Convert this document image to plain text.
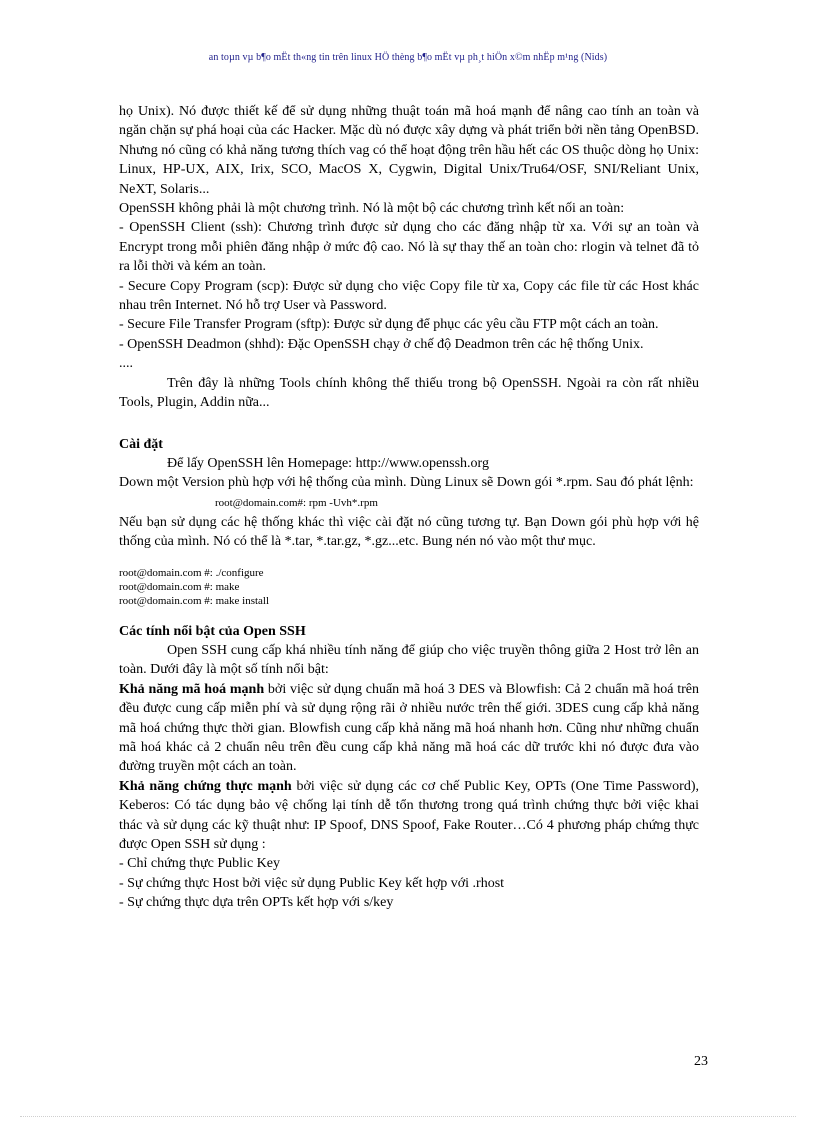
an toµn vµ b¶o mËt th«ng tin trên linux HÖ thèng b¶o mËt vµ ph¸t hiÖn x©m nhËp m¹ng (Nids)

họ Unix). Nó được thiết kế để sử dụng những thuật toán mã hoá mạnh để nâng cao tính an toàn và ngăn chặn sự phá hoại của các Hacker. Mặc dù nó được xây dựng và phát triển bởi nền tảng OpenBSD. Nhưng nó cũng có khả năng tương thích vag có thể hoạt động trên hầu hết các OS thuộc dòng họ Unix: Linux, HP-UX, AIX, Irix, SCO, MacOS X, Cygwin, Digital Unix/Tru64/OSF, SNI/Reliant Unix, NeXT, Solaris...

OpenSSH không phải là một chương trình. Nó là một bộ các chương trình kết nối an toàn:

- OpenSSH Client (ssh): Chương trình được sử dụng cho các đăng nhập từ xa. Với sự an toàn và Encrypt trong mỗi phiên đăng nhập ở mức độ cao. Nó là sự thay thế an toàn cho: rlogin và telnet đã tỏ ra lỗi thời và kém an toàn.

- Secure Copy Program (scp): Được sử dụng cho việc Copy file từ xa, Copy các file từ các Host khác nhau trên Internet. Nó hỗ trợ User và Password.

- Secure File Transfer Program (sftp): Được sử dụng để phục các yêu cầu FTP một cách an toàn.

- OpenSSH Deadmon (shhd): Đặc OpenSSH chạy ở chế độ Deadmon trên các hệ thống Unix.

....

Trên đây là những Tools chính không thể thiếu trong bộ OpenSSH. Ngoài ra còn rất nhiều Tools, Plugin, Addin nữa...

Cài đặt

Để lấy OpenSSH lên Homepage: http://www.openssh.org

Down một Version phù hợp với hệ thống của mình. Dùng Linux sẽ Down gói *.rpm. Sau đó phát lệnh:

root@domain.com#: rpm -Uvh*.rpm

Nếu bạn sử dụng các hệ thống khác thì việc cài đặt nó cũng tương tự. Bạn Down gói phù hợp với hệ thống của mình. Nó có thể là *.tar, *.tar.gz, *.gz...etc. Bung nén nó vào một thư mục.

root@domain.com #: ./configure

root@domain.com #: make

root@domain.com #: make install

Các tính nổi bật của Open SSH

Open SSH cung cấp khá nhiều tính năng để giúp cho việc truyền thông giữa 2 Host trở lên an toàn. Dưới đây là một số tính nổi bật:

Khả năng mã hoá mạnh bởi việc sử dụng chuẩn mã hoá 3 DES và Blowfish: Cả 2 chuẩn mã hoá trên đều được cung cấp miễn phí và sử dụng rộng rãi ở nhiều nước trên thế giới. 3DES cung cấp khả năng mã hoá chứng thực thời gian. Blowfish cung cấp khả năng mã hoá nhanh hơn. Cũng như những chuẩn mã hoá khác cả 2 chuẩn nêu trên đều cung cấp khả năng mã hoá các dữ trước khi nó được đưa vào đường truyền một cách an toàn.

Khả năng chứng thực mạnh bởi việc sử dụng các cơ chế Public Key, OPTs (One Time Password), Keberos: Có tác dụng bảo vệ chống lại tính dễ tổn thương trong quá trình chứng thực bởi việc khai thác và sử dụng các kỹ thuật như: IP Spoof, DNS Spoof, Fake Router…Có 4 phương pháp chứng thực được Open SSH sử dụng :

- Chỉ chứng thực Public Key

- Sự chứng thực Host bởi việc sử dụng Public Key kết hợp với .rhost

- Sự chứng thực dựa trên OPTs kết hợp với s/key

23
